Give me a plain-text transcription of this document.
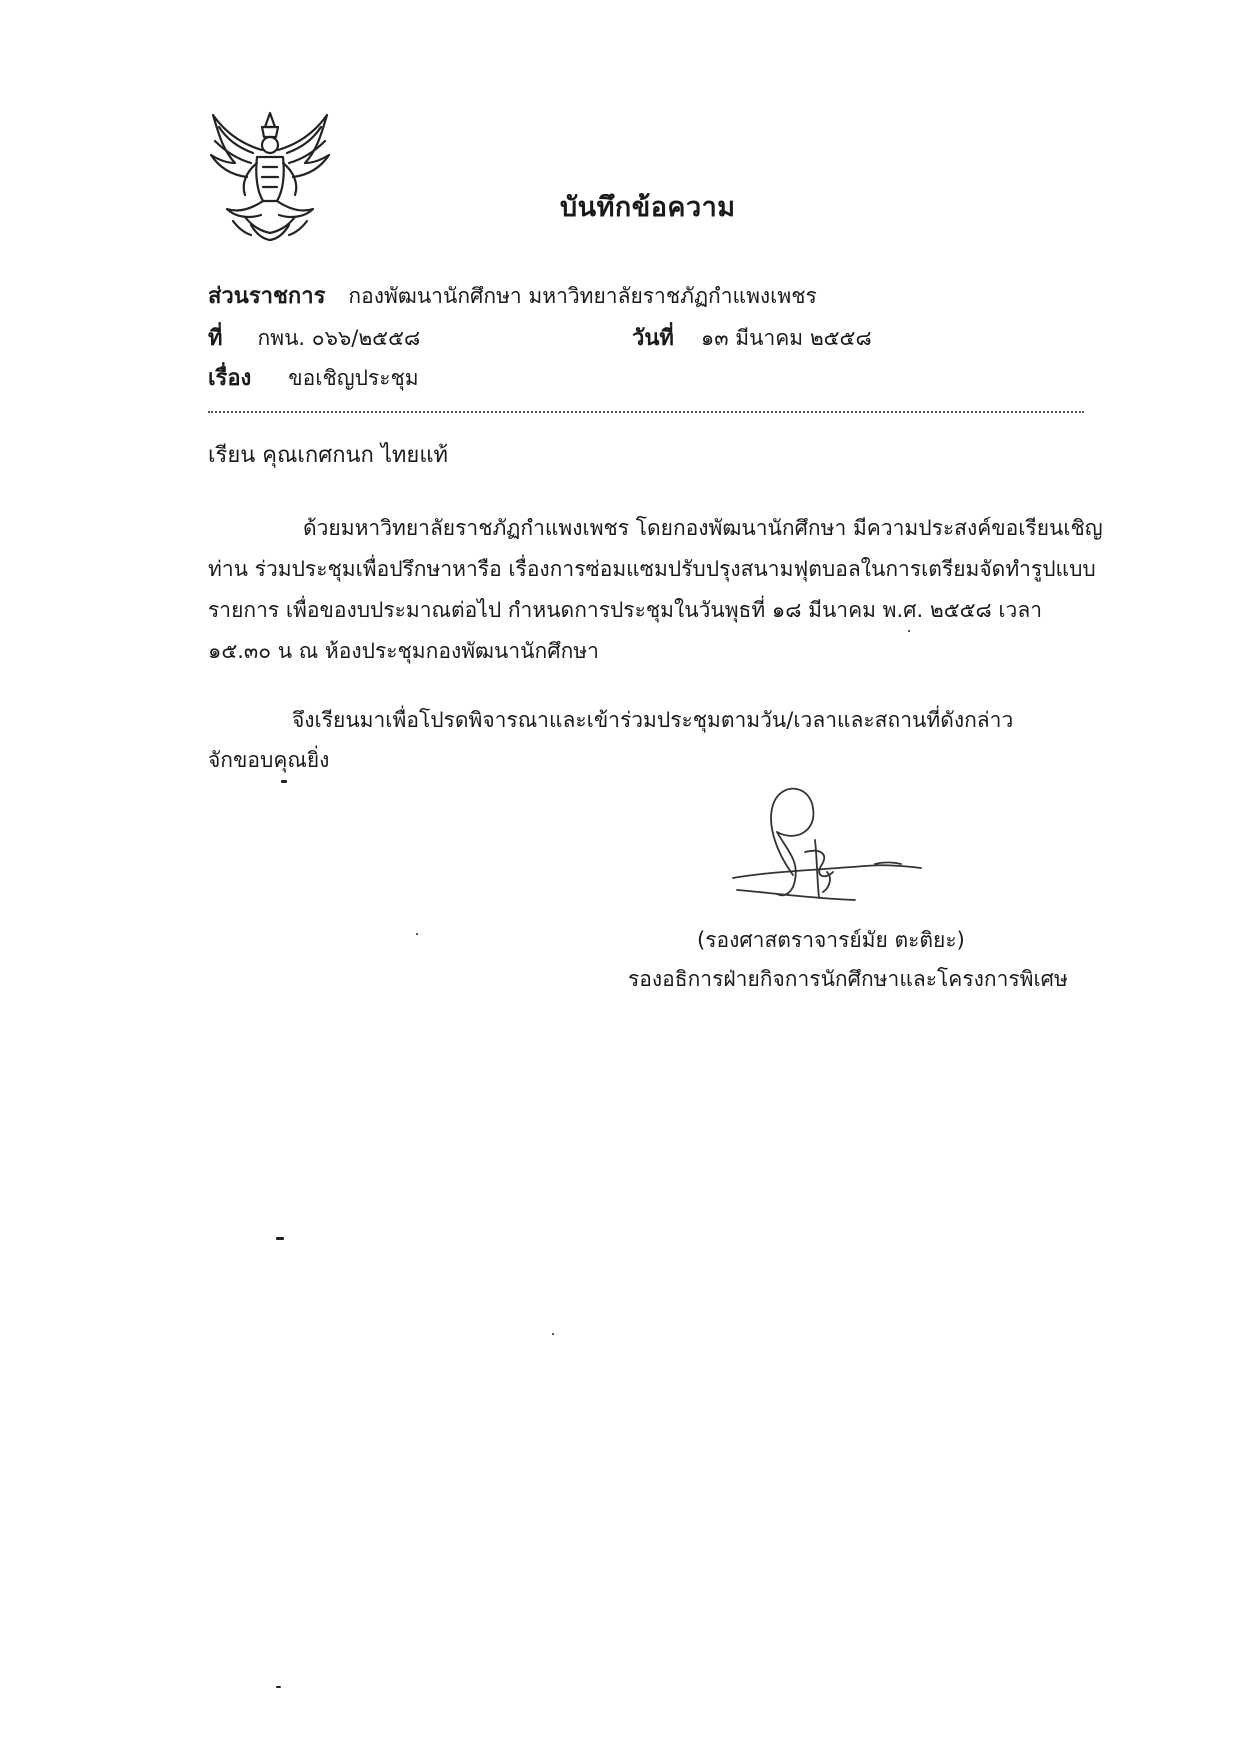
บันทึกข้อความ
ส่วนราชการ กองพัฒนานักศึกษา มหาวิทยาลัยราชภัฏกำแพงเพชร
ที่ กพน. ๐๖๖/๒๕๕๘	วันที่ ๑๓ มีนาคม ๒๕๕๘
เรื่อง ขอเชิญประชุม
เรียน คุณเกศกนก ไทยแท้
ด้วยมหาวิทยาลัยราชภัฏกำแพงเพชร โดยกองพัฒนานักศึกษา มีความประสงค์ขอเรียนเชิญ
ท่าน ร่วมประชุมเพื่อปรึกษาหารือ เรื่องการซ่อมแซมปรับปรุงสนามฟุตบอลในการเตรียมจัดทำรูปแบบ
รายการ เพื่อของบประมาณต่อไป กำหนดการประชุมในวันพุธที่ ๑๘ มีนาคม พ.ศ. ๒๕๕๘ เวลา
๑๕.๓๐ น ณ ห้องประชุมกองพัฒนานักศึกษา
จึงเรียนมาเพื่อโปรดพิจารณาและเข้าร่วมประชุมตามวัน/เวลาและสถานที่ดังกล่าว
จักขอบคุณยิ่ง
(รองศาสตราจารย์มัย ตะติยะ)
รองอธิการฝ่ายกิจการนักศึกษาและโครงการพิเศษ
